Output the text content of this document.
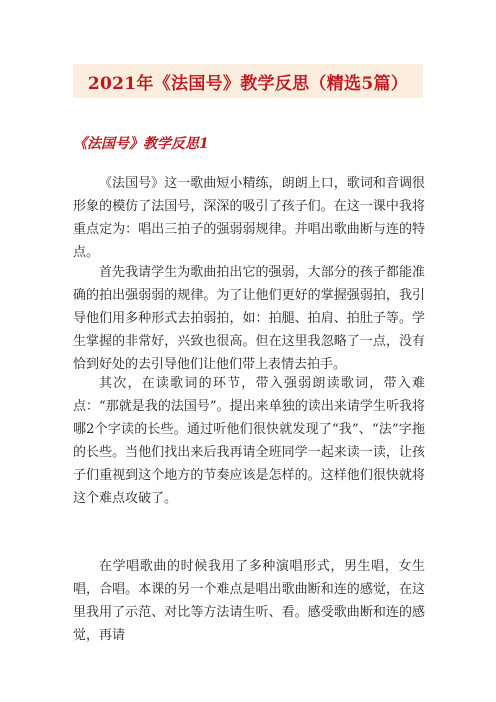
2021年《法国号》教学反思（精选5篇）
《法国号》教学反思1

《法国号》这一歌曲短小精练，朗朗上口，歌词和音调很形象的模仿了法国号，深深的吸引了孩子们。在这一课中我将重点定为：唱出三拍子的强弱弱规律。并唱出歌曲断与连的特点。

首先我请学生为歌曲拍出它的强弱，大部分的孩子都能准确的拍出强弱弱的规律。为了让他们更好的掌握强弱拍，我引导他们用多种形式去拍弱拍，如：拍腿、拍肩、拍肚子等。学生掌握的非常好，兴致也很高。但在这里我忽略了一点，没有恰到好处的去引导他们让他们带上表情去拍手。

其次，在读歌词的环节，带入强弱朗读歌词，带入难点：“那就是我的法国号”。提出来单独的读出来请学生听我将哪2个字读的长些。通过听他们很快就发现了“我”、“法”字拖的长些。当他们找出来后我再请全班同学一起来读一读，让孩子们重视到这个地方的节奏应该是怎样的。这样他们很快就将这个难点攻破了。

在学唱歌曲的时候我用了多种演唱形式，男生唱，女生唱，合唱。本课的另一个难点是唱出歌曲断和连的感觉，在这里我用了示范、对比等方法请生听、看。感受歌曲断和连的感觉，再请
